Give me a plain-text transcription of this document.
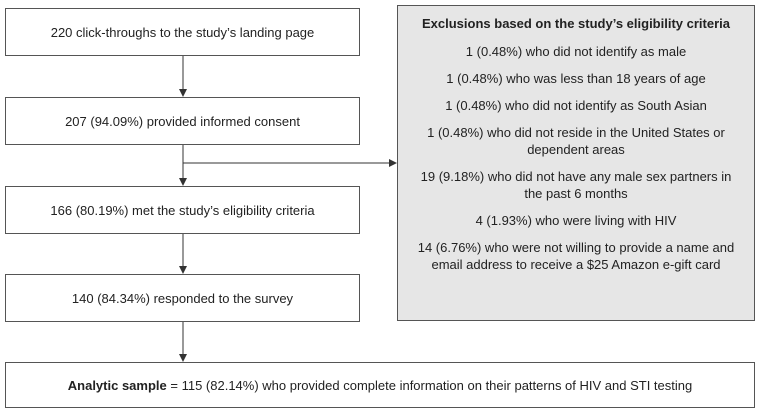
220 click-throughs to the study’s landing page
207 (94.09%) provided informed consent
166 (80.19%) met the study’s eligibility criteria
140 (84.34%) responded to the survey
Exclusions based on the study’s eligibility criteria
1 (0.48%) who did not identify as male
1 (0.48%) who was less than 18 years of age
1 (0.48%) who did not identify as South Asian
1 (0.48%) who did not reside in the United States or dependent areas
19 (9.18%) who did not have any male sex partners in the past 6 months
4 (1.93%) who were living with HIV
14 (6.76%) who were not willing to provide a name and email address to receive a $25 Amazon e-gift card
Analytic sample = 115 (82.14%) who provided complete information on their patterns of HIV and STI testing
